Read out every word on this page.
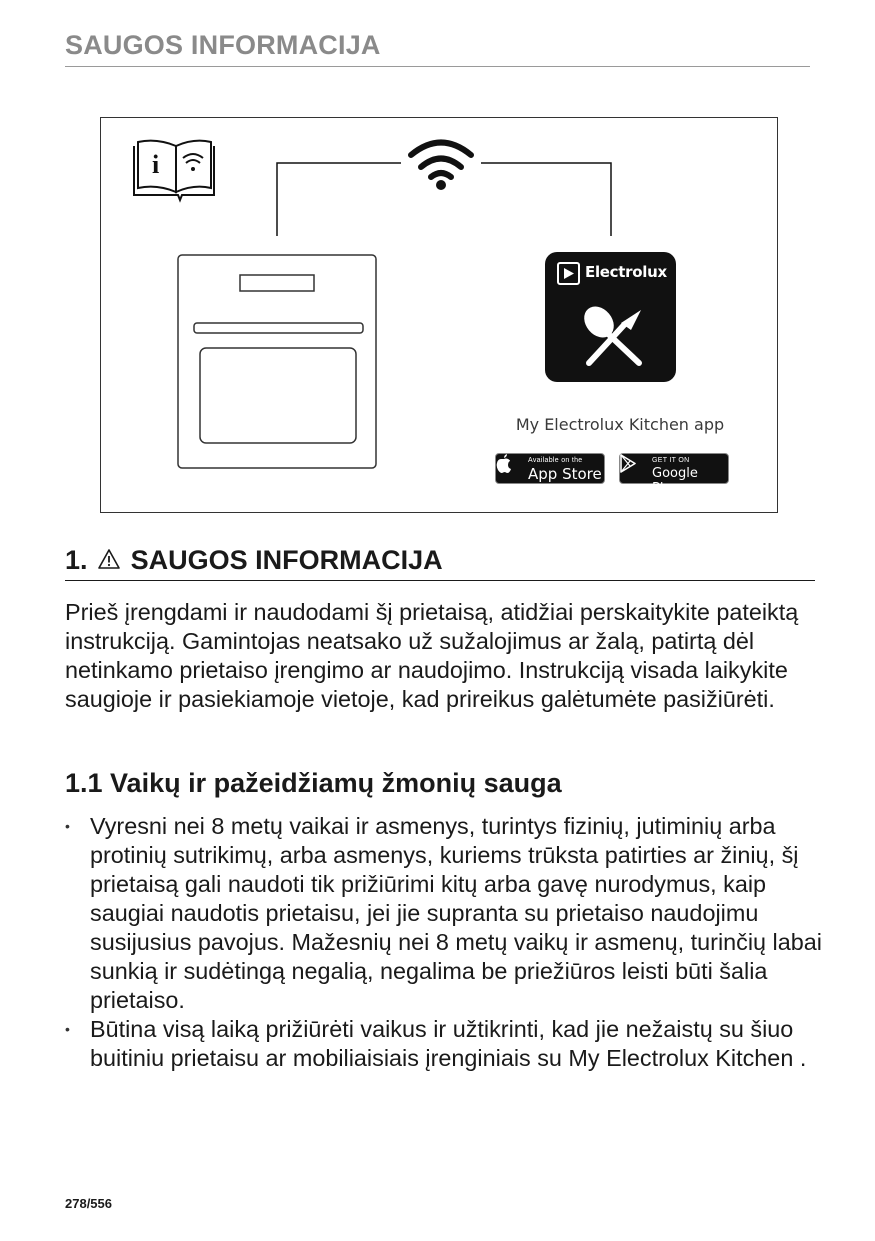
SAUGOS INFORMACIJA
i
Electrolux
My Electrolux Kitchen app
Available on the
App Store
GET IT ON
Google Play
1. SAUGOS INFORMACIJA

Prieš įrengdami ir naudodami šį prietaisą, atidžiai perskaitykite pateiktą instrukciją. Gamintojas neatsako už sužalojimus ar žalą, patirtą dėl netinkamo prietaiso įrengimo ar naudojimo. Instrukciją visada laikykite saugioje ir pasiekiamoje vietoje, kad prireikus galėtumėte pasižiūrėti.

1.1 Vaikų ir pažeidžiamų žmonių sauga
• Vyresni nei 8 metų vaikai ir asmenys, turintys fizinių, jutiminių arba protinių sutrikimų, arba asmenys, kuriems trūksta patirties ar žinių, šį prietaisą gali naudoti tik prižiūrimi kitų arba gavę nurodymus, kaip saugiai naudotis prietaisu, jei jie supranta su prietaiso naudojimu susijusius pavojus. Mažesnių nei 8 metų vaikų ir asmenų, turinčių labai sunkią ir sudėtingą negalią, negalima be priežiūros leisti būti šalia prietaiso.
• Būtina visą laiką prižiūrėti vaikus ir užtikrinti, kad jie nežaistų su šiuo buitiniu prietaisu ar mobiliaisiais įrenginiais su My Electrolux Kitchen .
278/556
